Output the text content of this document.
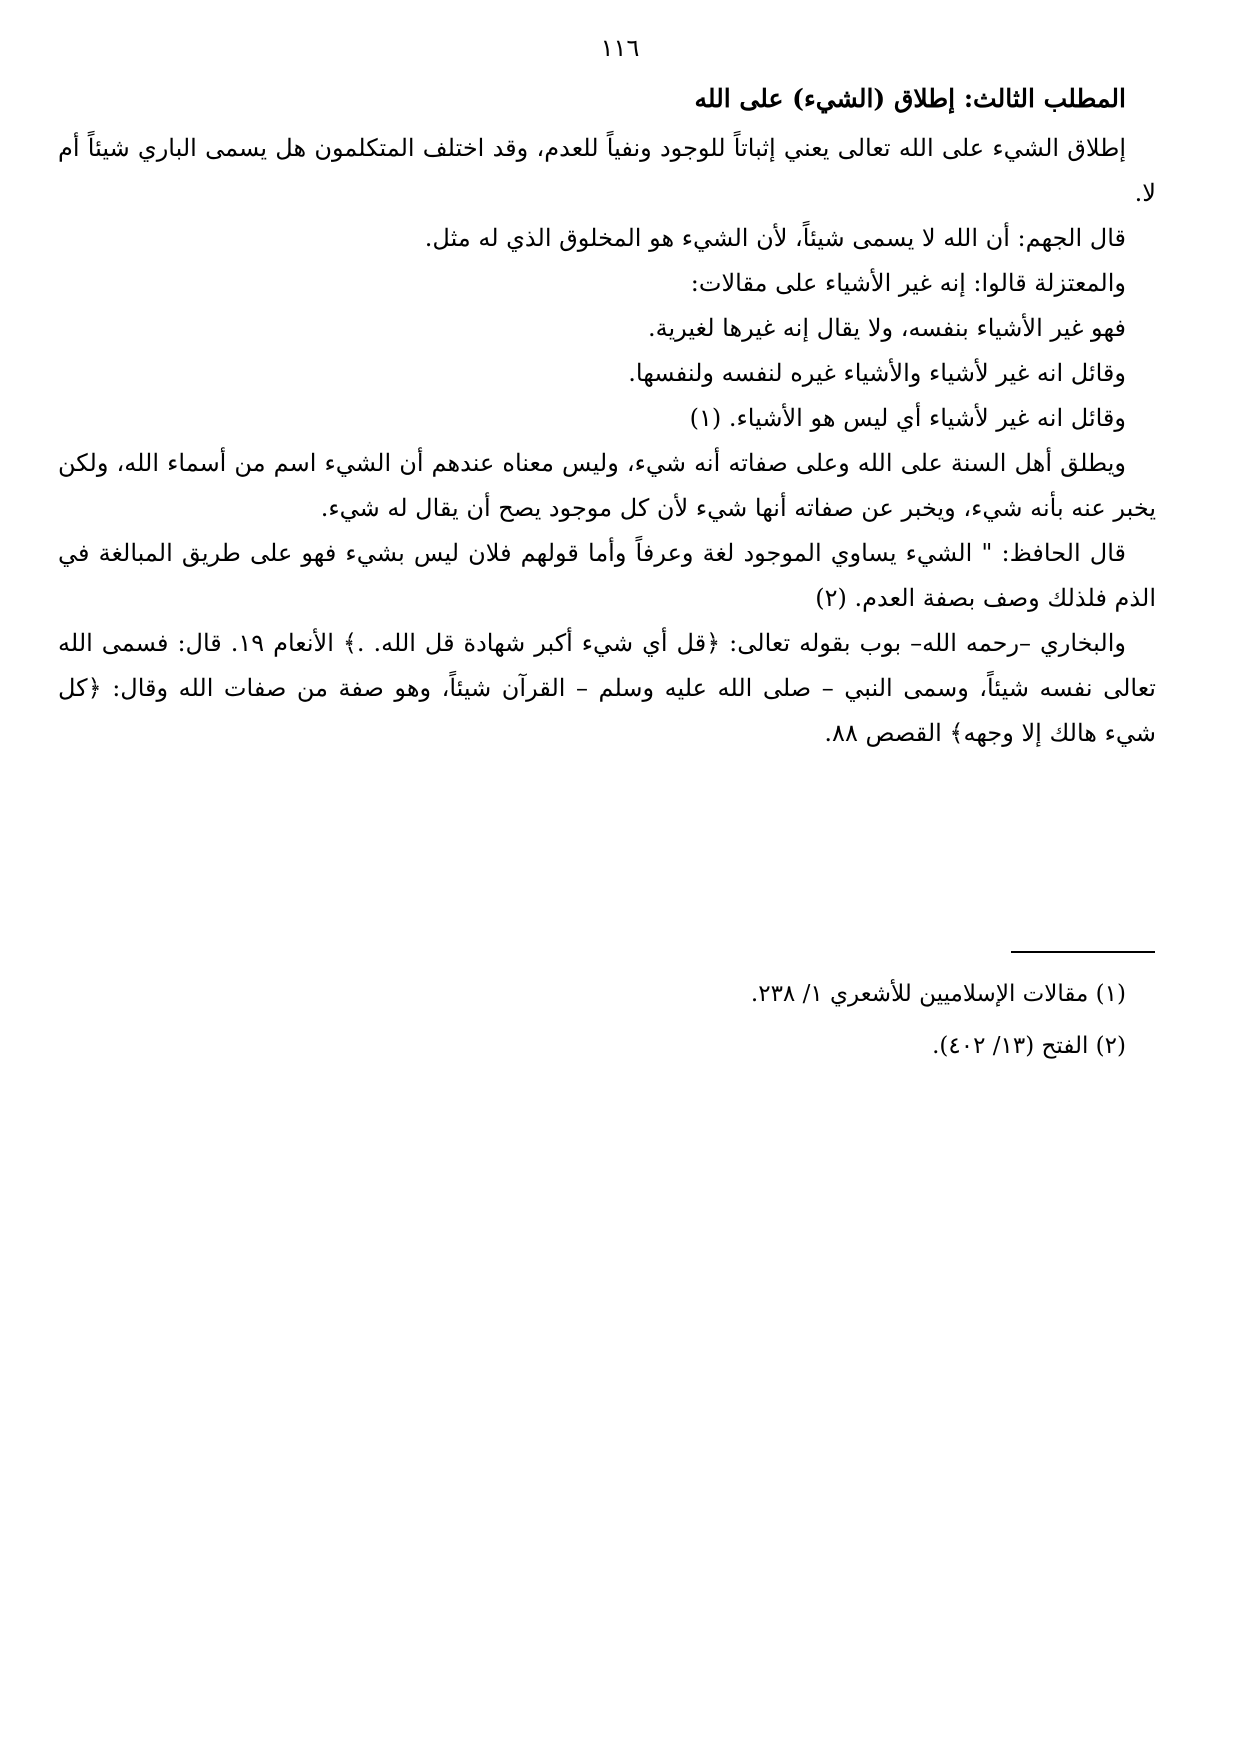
١١٦
المطلب الثالث: إطلاق (الشيء) على الله

إطلاق الشيء على الله تعالى يعني إثباتاً للوجود ونفياً للعدم، وقد اختلف المتكلمون هل يسمى الباري شيئاً أم لا.

قال الجهم: أن الله لا يسمى شيئاً، لأن الشيء هو المخلوق الذي له مثل.

والمعتزلة قالوا: إنه غير الأشياء على مقالات:

فهو غير الأشياء بنفسه، ولا يقال إنه غيرها لغيرية.

وقائل انه غير لأشياء والأشياء غيره لنفسه ولنفسها.

وقائل انه غير لأشياء أي ليس هو الأشياء. (١)

ويطلق أهل السنة على الله وعلى صفاته أنه شيء، وليس معناه عندهم أن الشيء اسم من أسماء الله، ولكن يخبر عنه بأنه شيء، ويخبر عن صفاته أنها شيء لأن كل موجود يصح أن يقال له شيء.

قال الحافظ: " الشيء يساوي الموجود لغة وعرفاً وأما قولهم فلان ليس بشيء فهو على طريق المبالغة في الذم فلذلك وصف بصفة العدم. (٢)

والبخاري –رحمه الله– بوب بقوله تعالى: ﴿قل أي شيء أكبر شهادة قل الله. .﴾ الأنعام ١٩. قال: فسمى الله تعالى نفسه شيئاً، وسمى النبي – صلى الله عليه وسلم – القرآن شيئاً، وهو صفة من صفات الله وقال: ﴿كل شيء هالك إلا وجهه﴾ القصص ٨٨.

(١) مقالات الإسلاميين للأشعري ١/ ٢٣٨.

(٢) الفتح (١٣/ ٤٠٢).
